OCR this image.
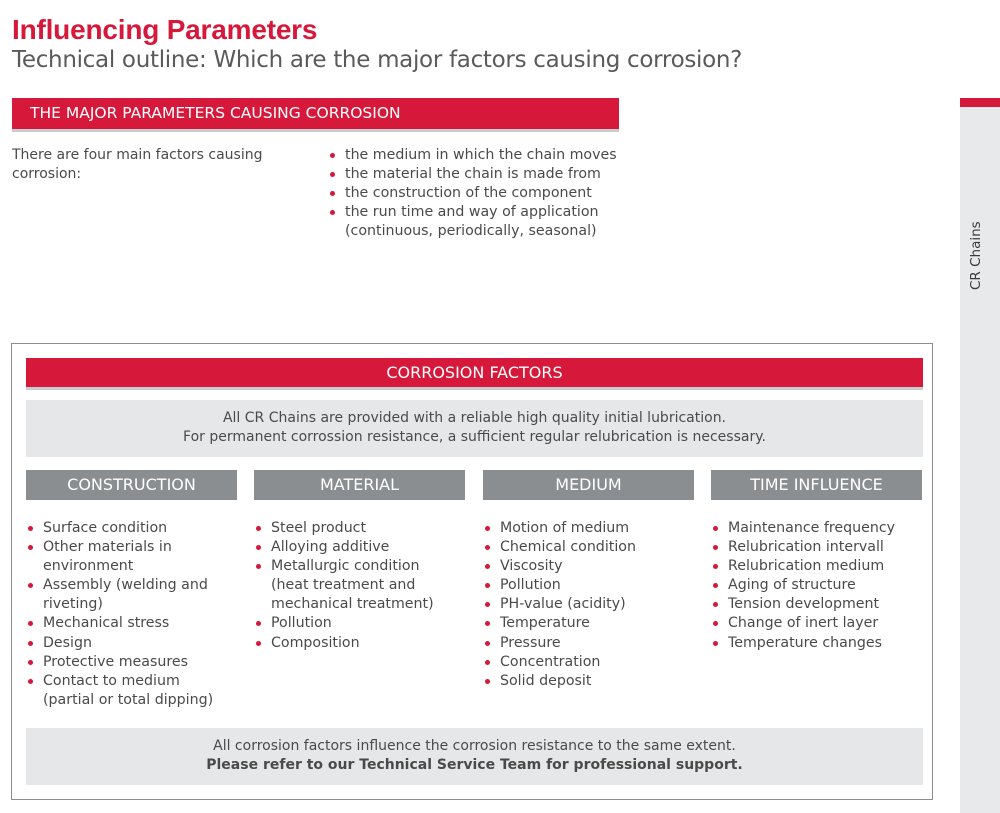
Influencing Parameters

Technical outline: Which are the major factors causing corrosion?

THE MAJOR PARAMETERS CAUSING CORROSION
There are four main factors causing corrosion:
the medium in which the chain moves
the material the chain is made from
the construction of the component
the run time and way of application (continuous, periodically, seasonal)	CR Chains
CORROSION FACTORS
All CR Chains are provided with a reliable high quality initial lubrication.
For permanent corrossion resistance, a sufficient regular relubrication is necessary.
CONSTRUCTION	MATERIAL	MEDIUM	TIME INFLUENCE
Surface condition
Other materials in environment
Assembly (welding and riveting)
Mechanical stress
Design
Protective measures
Contact to medium (partial or total dipping)
Steel product
Alloying additive
Metallurgic condition (heat treatment and mechanical treatment)
Pollution
Composition
Motion of medium
Chemical condition
Viscosity
Pollution
PH-value (acidity)
Temperature
Pressure
Concentration
Solid deposit
Maintenance frequency
Relubrication intervall
Relubrication medium
Aging of structure
Tension development
Change of inert layer
Temperature changes
All corrosion factors influence the corrosion resistance to the same extent.
Please refer to our Technical Service Team for professional support.
